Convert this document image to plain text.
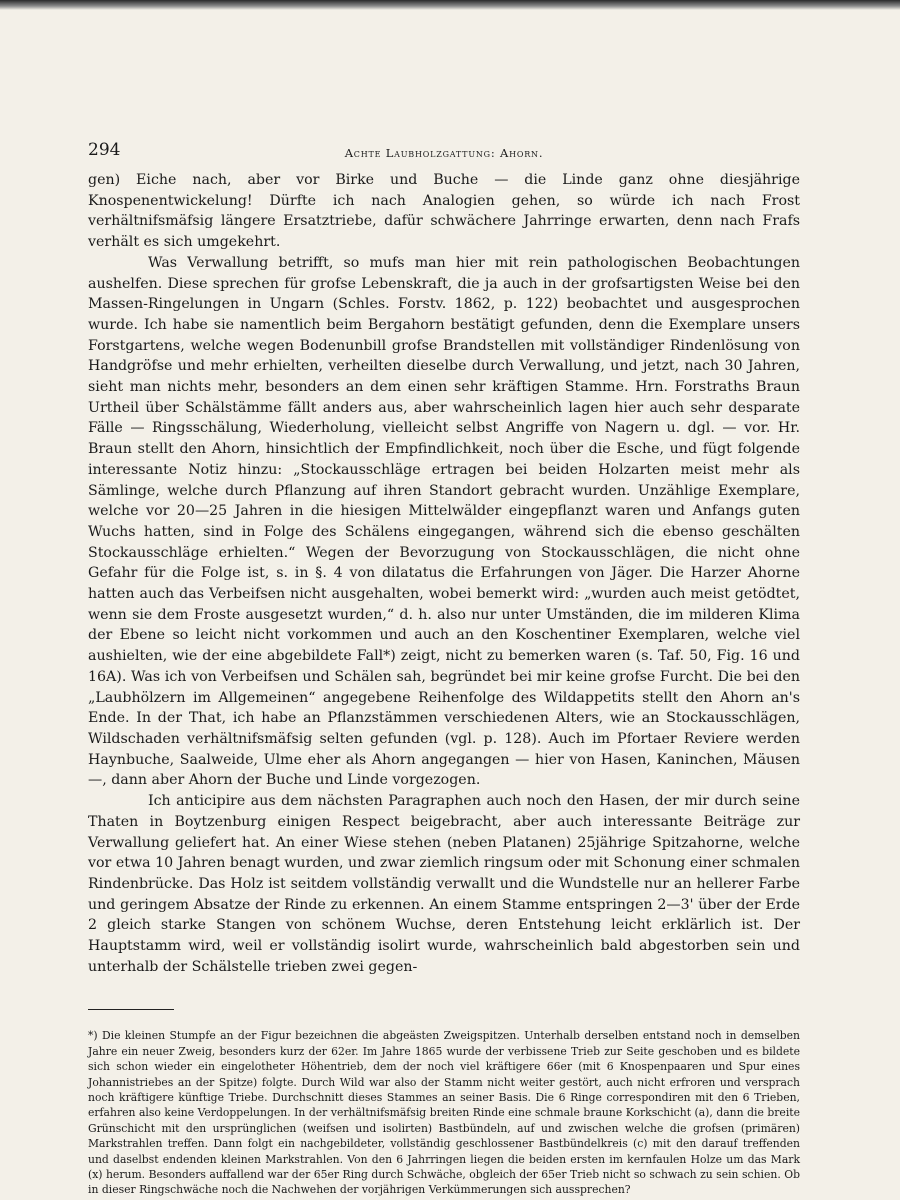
294	Achte Laubholzgattung: Ahorn.

gen) Eiche nach, aber vor Birke und Buche — die Linde ganz ohne diesjährige Knospenentwickelung! Dürfte ich nach Analogien gehen, so würde ich nach Frost verhältnifsmäfsig längere Ersatztriebe, dafür schwächere Jahrringe erwarten, denn nach Frafs verhält es sich umgekehrt.

Was Verwallung betrifft, so mufs man hier mit rein pathologischen Beobachtungen aushelfen. Diese sprechen für grofse Lebenskraft, die ja auch in der grofsartigsten Weise bei den Massen-Ringelungen in Ungarn (Schles. Forstv. 1862, p. 122) beobachtet und ausgesprochen wurde. Ich habe sie namentlich beim Bergahorn bestätigt gefunden, denn die Exemplare unsers Forstgartens, welche wegen Bodenunbill grofse Brandstellen mit vollständiger Rindenlösung von Handgröfse und mehr erhielten, verheilten dieselbe durch Verwallung, und jetzt, nach 30 Jahren, sieht man nichts mehr, besonders an dem einen sehr kräftigen Stamme. Hrn. Forstraths Braun Urtheil über Schälstämme fällt anders aus, aber wahrscheinlich lagen hier auch sehr desparate Fälle — Ringsschälung, Wiederholung, vielleicht selbst Angriffe von Nagern u. dgl. — vor. Hr. Braun stellt den Ahorn, hinsichtlich der Empfindlichkeit, noch über die Esche, und fügt folgende interessante Notiz hinzu: „Stockausschläge ertragen bei beiden Holzarten meist mehr als Sämlinge, welche durch Pflanzung auf ihren Standort gebracht wurden. Unzählige Exemplare, welche vor 20—25 Jahren in die hiesigen Mittelwälder eingepflanzt waren und Anfangs guten Wuchs hatten, sind in Folge des Schälens eingegangen, während sich die ebenso geschälten Stockausschläge erhielten.“ Wegen der Bevorzugung von Stockausschlägen, die nicht ohne Gefahr für die Folge ist, s. in §. 4 von dilatatus die Erfahrungen von Jäger. Die Harzer Ahorne hatten auch das Verbeifsen nicht ausgehalten, wobei bemerkt wird: „wurden auch meist getödtet, wenn sie dem Froste ausgesetzt wurden,“ d. h. also nur unter Umständen, die im milderen Klima der Ebene so leicht nicht vorkommen und auch an den Koschentiner Exemplaren, welche viel aushielten, wie der eine abgebildete Fall*) zeigt, nicht zu bemerken waren (s. Taf. 50, Fig. 16 und 16A). Was ich von Verbeifsen und Schälen sah, begründet bei mir keine grofse Furcht. Die bei den „Laubhölzern im Allgemeinen“ angegebene Reihenfolge des Wildappetits stellt den Ahorn an's Ende. In der That, ich habe an Pflanzstämmen verschiedenen Alters, wie an Stockausschlägen, Wildschaden verhältnifsmäfsig selten gefunden (vgl. p. 128). Auch im Pfortaer Reviere werden Haynbuche, Saalweide, Ulme eher als Ahorn angegangen — hier von Hasen, Kaninchen, Mäusen —, dann aber Ahorn der Buche und Linde vorgezogen.

Ich anticipire aus dem nächsten Paragraphen auch noch den Hasen, der mir durch seine Thaten in Boytzenburg einigen Respect beigebracht, aber auch interessante Beiträge zur Verwallung geliefert hat. An einer Wiese stehen (neben Platanen) 25jährige Spitzahorne, welche vor etwa 10 Jahren benagt wurden, und zwar ziemlich ringsum oder mit Schonung einer schmalen Rindenbrücke. Das Holz ist seitdem vollständig verwallt und die Wundstelle nur an hellerer Farbe und geringem Absatze der Rinde zu erkennen. An einem Stamme entspringen 2—3' über der Erde 2 gleich starke Stangen von schönem Wuchse, deren Entstehung leicht erklärlich ist. Der Hauptstamm wird, weil er vollständig isolirt wurde, wahrscheinlich bald abgestorben sein und unterhalb der Schälstelle trieben zwei gegen-

*) Die kleinen Stumpfe an der Figur bezeichnen die abgeästen Zweigspitzen. Unterhalb derselben entstand noch in demselben Jahre ein neuer Zweig, besonders kurz der 62er. Im Jahre 1865 wurde der verbissene Trieb zur Seite geschoben und es bildete sich schon wieder ein eingelotheter Höhentrieb, dem der noch viel kräftigere 66er (mit 6 Knospenpaaren und Spur eines Johannistriebes an der Spitze) folgte. Durch Wild war also der Stamm nicht weiter gestört, auch nicht erfroren und versprach noch kräftigere künftige Triebe. Durchschnitt dieses Stammes an seiner Basis. Die 6 Ringe correspondiren mit den 6 Trieben, erfahren also keine Verdoppelungen. In der verhältnifsmäfsig breiten Rinde eine schmale braune Korkschicht (a), dann die breite Grünschicht mit den ursprünglichen (weifsen und isolirten) Bastbündeln, auf und zwischen welche die grofsen (primären) Markstrahlen treffen. Dann folgt ein nachgebildeter, vollständig geschlossener Bastbündelkreis (c) mit den darauf treffenden und daselbst endenden kleinen Markstrahlen. Von den 6 Jahrringen liegen die beiden ersten im kernfaulen Holze um das Mark (x) herum. Besonders auffallend war der 65er Ring durch Schwäche, obgleich der 65er Trieb nicht so schwach zu sein schien. Ob in dieser Ringschwäche noch die Nachwehen der vorjährigen Verkümmerungen sich aussprechen?
